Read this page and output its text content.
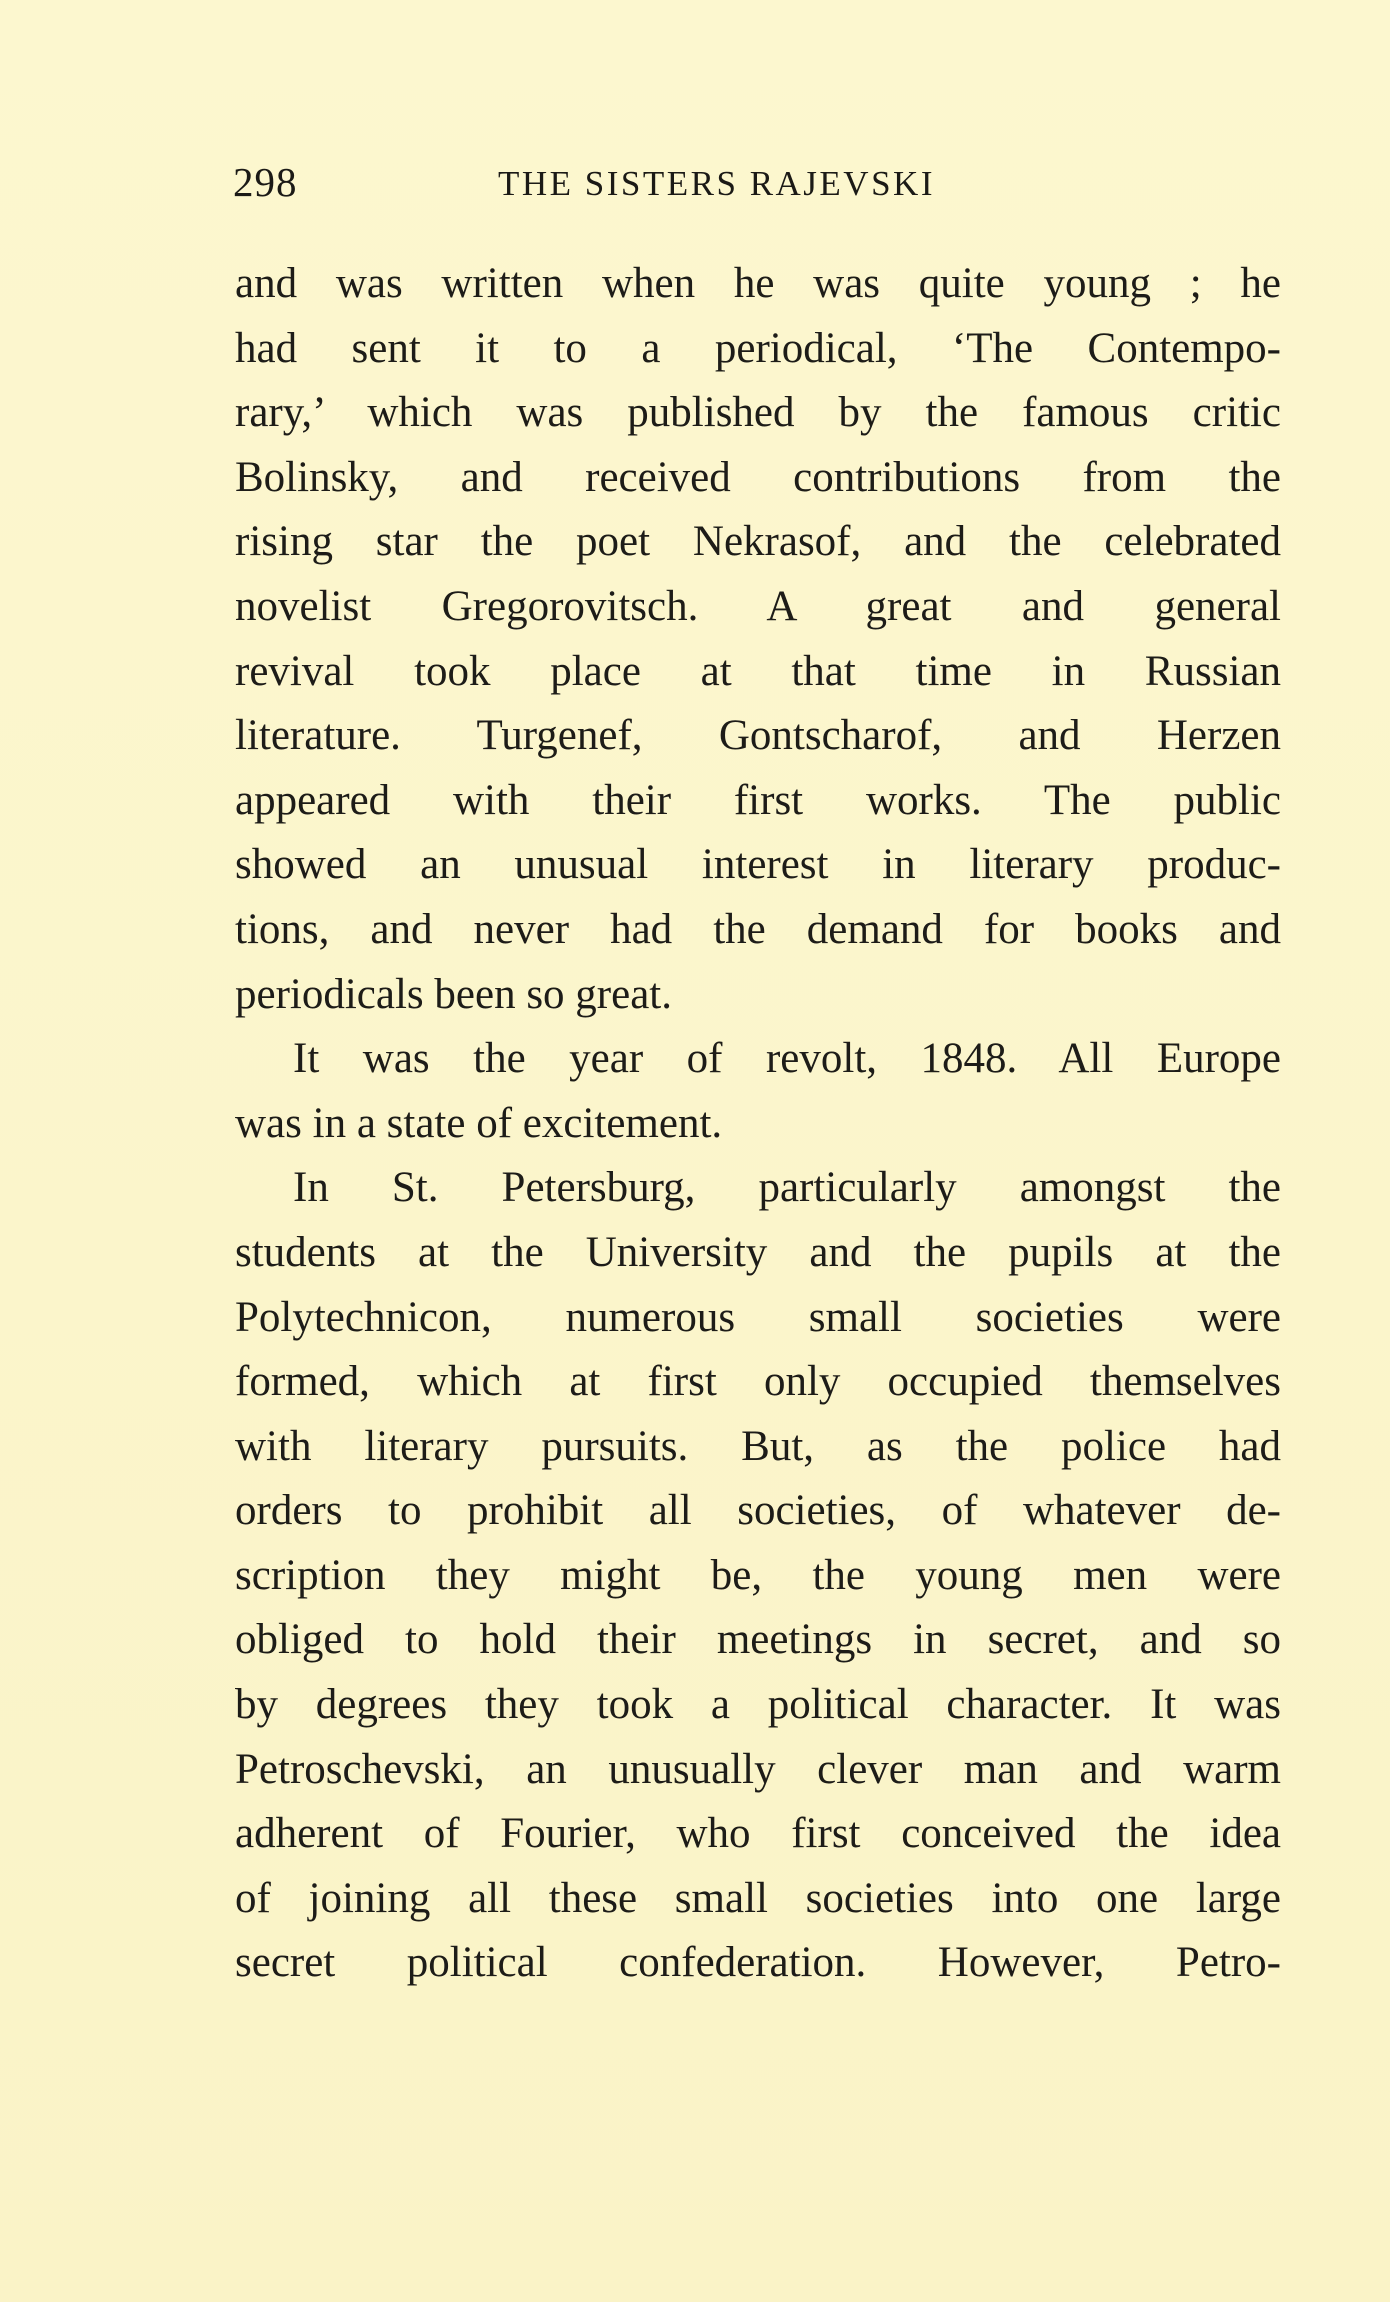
298	THE SISTERS RAJEVSKI
and was written when he was quite young ; he
had sent it to a periodical, ‘The Contempo-
rary,’ which was published by the famous critic
Bolinsky, and received contributions from the
rising star the poet Nekrasof, and the celebrated
novelist Gregorovitsch. A great and general
revival took place at that time in Russian
literature. Turgenef, Gontscharof, and Herzen
appeared with their first works. The public
showed an unusual interest in literary produc-
tions, and never had the demand for books and
periodicals been so great.
It was the year of revolt, 1848. All Europe
was in a state of excitement.
In St. Petersburg, particularly amongst the
students at the University and the pupils at the
Polytechnicon, numerous small societies were
formed, which at first only occupied themselves
with literary pursuits. But, as the police had
orders to prohibit all societies, of whatever de-
scription they might be, the young men were
obliged to hold their meetings in secret, and so
by degrees they took a political character. It was
Petroschevski, an unusually clever man and warm
adherent of Fourier, who first conceived the idea
of joining all these small societies into one large
secret political confederation. However, Petro-
